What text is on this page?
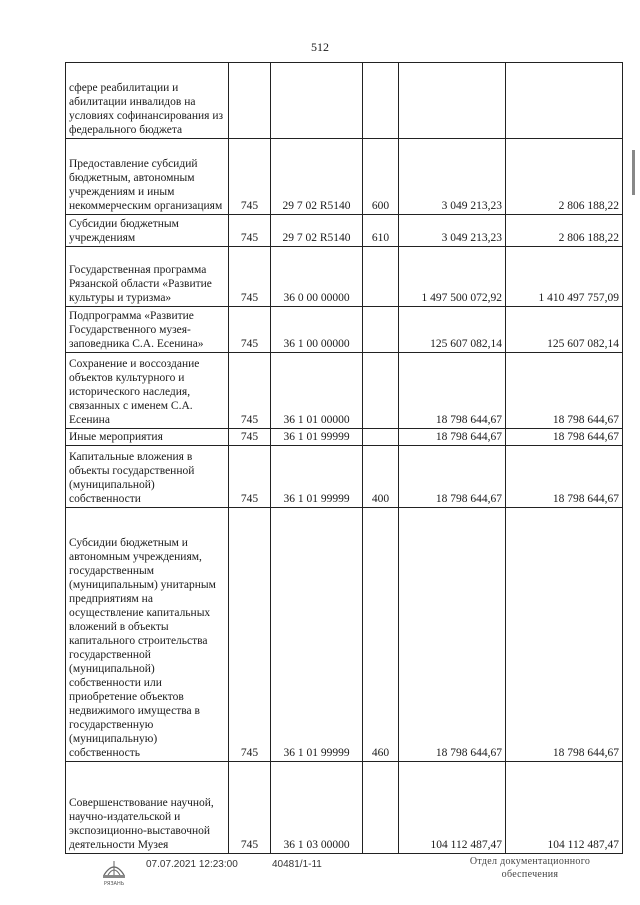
512
сфере реабилитации и абилитации инвалидов на условиях софинансирования из федерального бюджета					
Предоставление субсидий бюджетным, автономным учреждениям и иным некоммерческим организациям	745	29 7 02 R5140	600	3 049 213,23	2 806 188,22
Субсидии бюджетным учреждениям	745	29 7 02 R5140	610	3 049 213,23	2 806 188,22
Государственная программа Рязанской области «Развитие культуры и туризма»	745	36 0 00 00000		1 497 500 072,92	1 410 497 757,09
Подпрограмма «Развитие Государственного музея-заповедника С.А. Есенина»	745	36 1 00 00000		125 607 082,14	125 607 082,14
Сохранение и воссоздание объектов культурного и исторического наследия, связанных с именем С.А. Есенина	745	36 1 01 00000		18 798 644,67	18 798 644,67
Иные мероприятия	745	36 1 01 99999		18 798 644,67	18 798 644,67
Капитальные вложения в объекты государственной (муниципальной) собственности	745	36 1 01 99999	400	18 798 644,67	18 798 644,67
Субсидии бюджетным и автономным учреждениям, государственным (муниципальным) унитарным предприятиям на осуществление капитальных вложений в объекты капитального строительства государственной (муниципальной) собственности или приобретение объектов недвижимого имущества в государственную (муниципальную) собственность	745	36 1 01 99999	460	18 798 644,67	18 798 644,67
Совершенствование научной, научно-издательской и экспозиционно-выставочной деятельности Музея	745	36 1 03 00000		104 112 487,47	104 112 487,47
РЯЗАНЬ
07.07.2021 12:23:00	40481/1-11	Отдел документационного
обеспечения
